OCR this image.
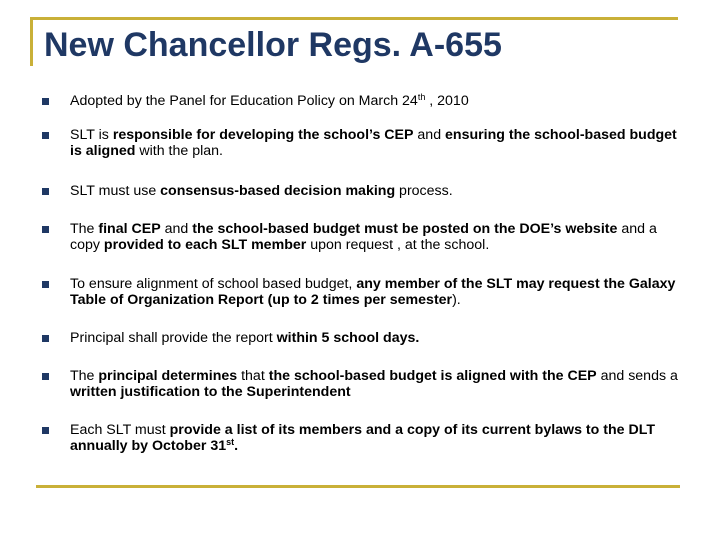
New Chancellor Regs. A-655
Adopted by the Panel for Education Policy on March 24th , 2010
SLT is responsible for developing the school’s CEP and ensuring the school-based budget is aligned with the plan.
SLT must use consensus-based decision making process.
The final CEP and the school-based budget must be posted on the DOE’s website and a copy provided to each SLT member upon request , at the school.
To ensure alignment of school based budget, any member of the SLT may request the Galaxy Table of Organization Report (up to 2 times per semester).
Principal shall provide the report within 5 school days.
The principal determines that the school-based budget is aligned with the CEP and sends a written justification to the Superintendent
Each SLT must provide a list of its members and a copy of its current bylaws to the DLT annually by October 31st.
